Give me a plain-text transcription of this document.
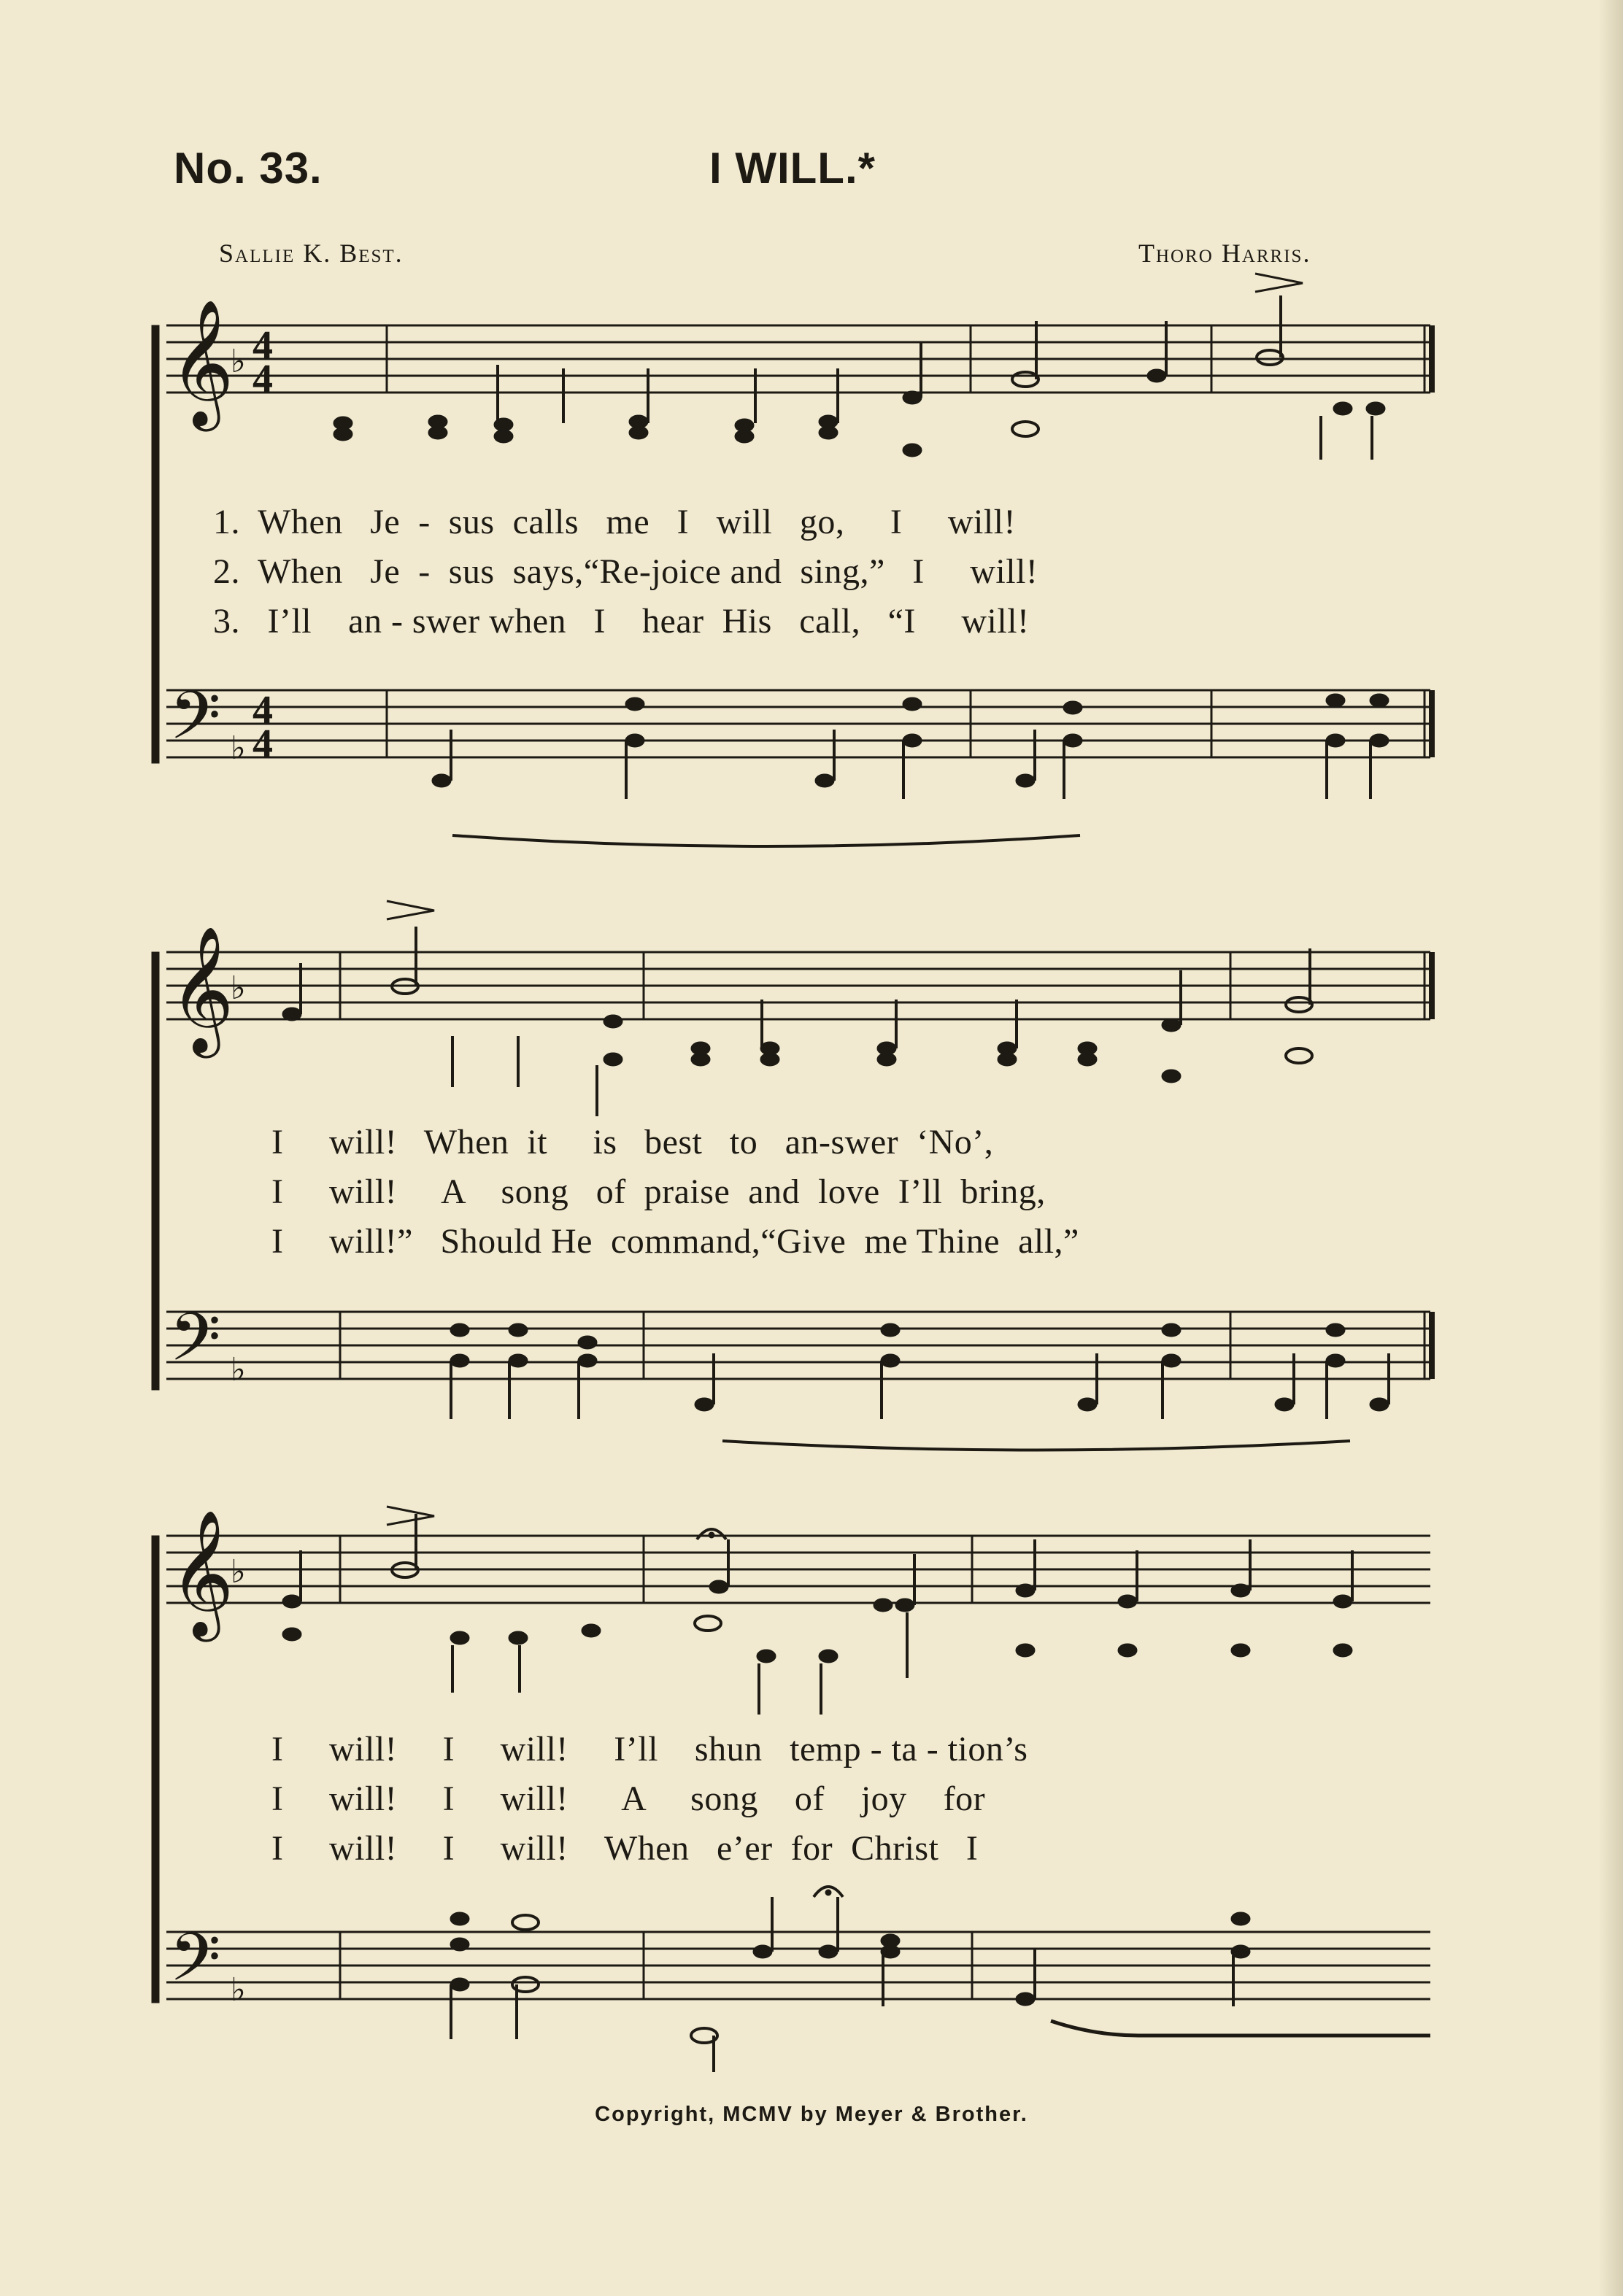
No. 33.	I WILL.*
Sallie K. Best.	Thoro Harris.
𝄞
𝄢
♭ 4
4
♭
4
4
𝄞
𝄢
♭
♭
𝄞
𝄢
♭
♭
1.  When   Je  -  sus  calls   me   I   will   go,     I     will!
2.  When   Je  -  sus  says,“Re-joice and  sing,”   I     will!
3.   I’ll    an - swer when   I    hear  His   call,   “I     will!
I     will!   When  it     is   best   to   an-swer  ‘No’,
I     will!     A    song   of  praise  and  love  I’ll  bring,
I     will!”   Should He  command,“Give  me Thine  all,”
I     will!     I     will!     I’ll    shun   temp - ta - tion’s
I     will!     I     will!      A     song    of    joy    for
I     will!     I     will!    When   e’er  for  Christ   I
Copyright, MCMV by Meyer & Brother.
